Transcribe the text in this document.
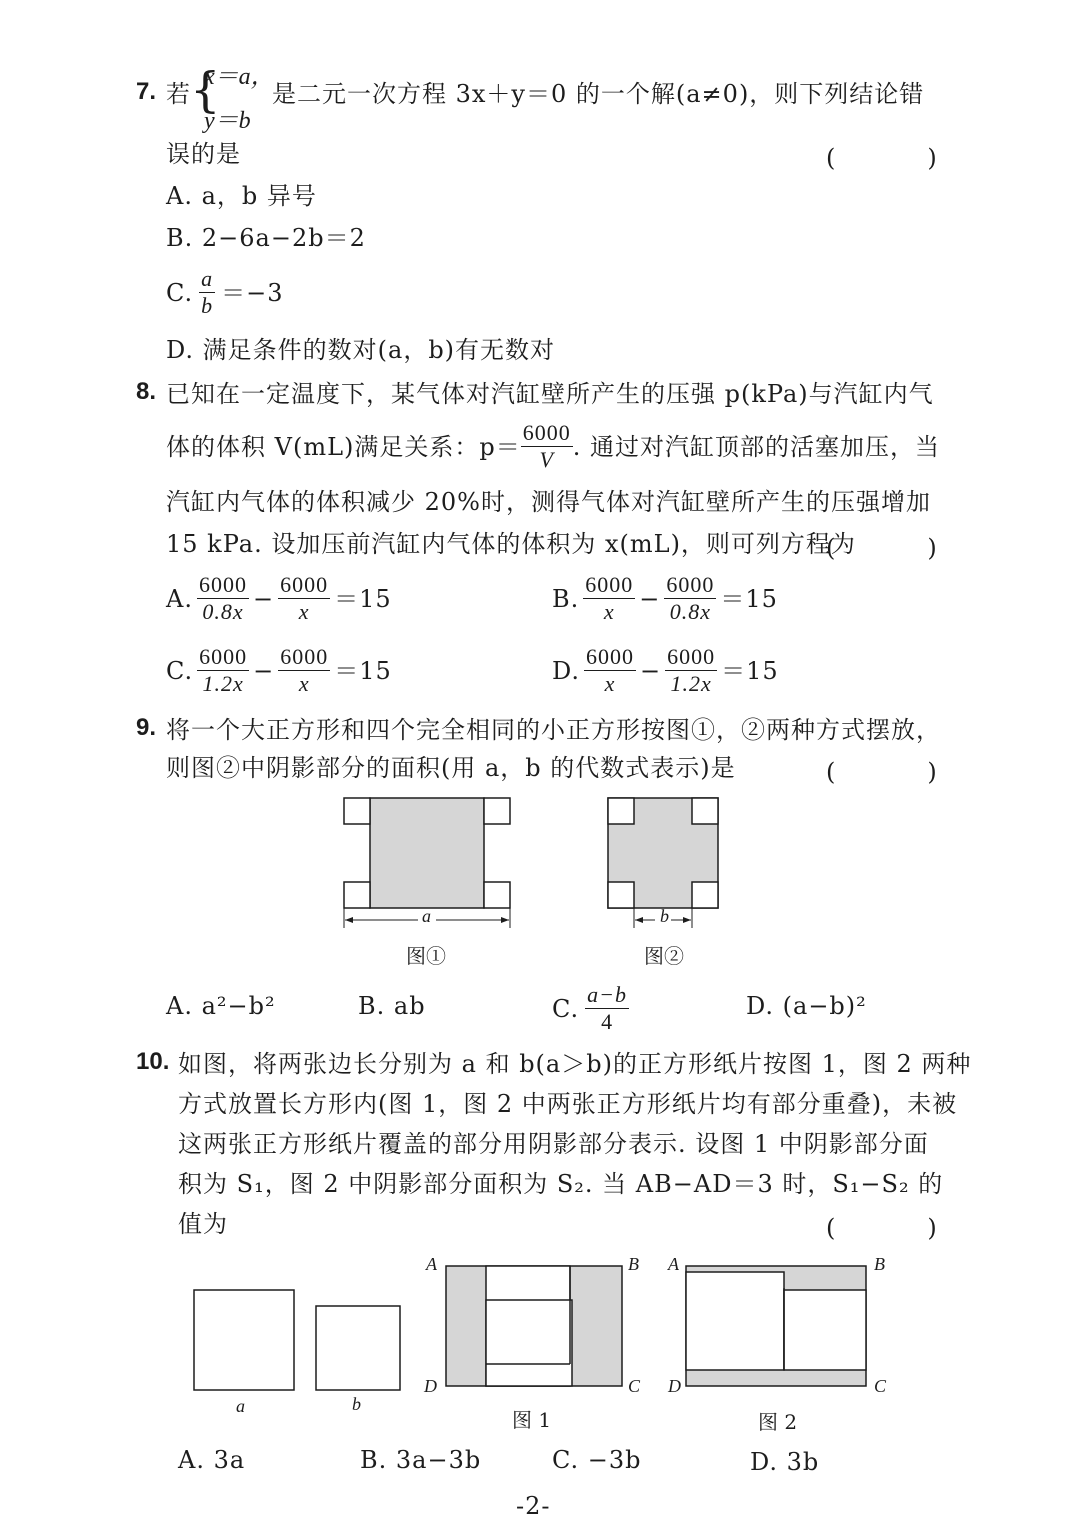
7. 若 {
x＝a，
y＝b
是二元一次方程 3x＋y＝0 的一个解(a≠0)，则下列结论错
误的是	(　)
A. a，b 异号
B. 2−6a−2b＝2
C. $\frac{a}{b} =-3$
D. 满足条件的数对(a，b)有无数对
8. 已知在一定温度下，某气体对汽缸壁所产生的压强 p(kPa)与汽缸内气
体的体积 V(mL)满足关系：$p= \frac{6000}{V}$ . 通过对汽缸顶部的活塞加压，当
汽缸内气体的体积减少 20%时，测得气体对汽缸壁所产生的压强增加
15 kPa. 设加压前汽缸内气体的体积为 x(mL)，则可列方程为
(　)
A. $\frac{6000}{0.8x} - \frac{6000}{x} =15$	B. $\frac{6000}{x} - \frac{6000}{0.8x} =15$
C. $\frac{6000}{1.2x} - \frac{6000}{x} =15$	D. $\frac{6000}{x} - \frac{6000}{1.2x} =15$
9. 将一个大正方形和四个完全相同的小正方形按图①，②两种方式摆放，
则图②中阴影部分的面积(用 a，b 的代数式表示)是	(　)
a
图①
b
图②
A. a²−b²	B. ab	C. $\frac{a-b}{4}$	D. (a−b)²
10. 如图，将两张边长分别为 a 和 b(a＞b)的正方形纸片按图 1，图 2 两种
方式放置长方形内(图 1，图 2 中两张正方形纸片均有部分重叠)，未被
这两张正方形纸片覆盖的部分用阴影部分表示. 设图 1 中阴影部分面
积为 S₁，图 2 中阴影部分面积为 S₂. 当 AB−AD＝3 时，S₁−S₂ 的
值为	(　)
a	b
A	B
C
D
图 1
A	B
C
D
图 2
A. 3a	B. 3a−3b	C. −3b	D. 3b
-2-
